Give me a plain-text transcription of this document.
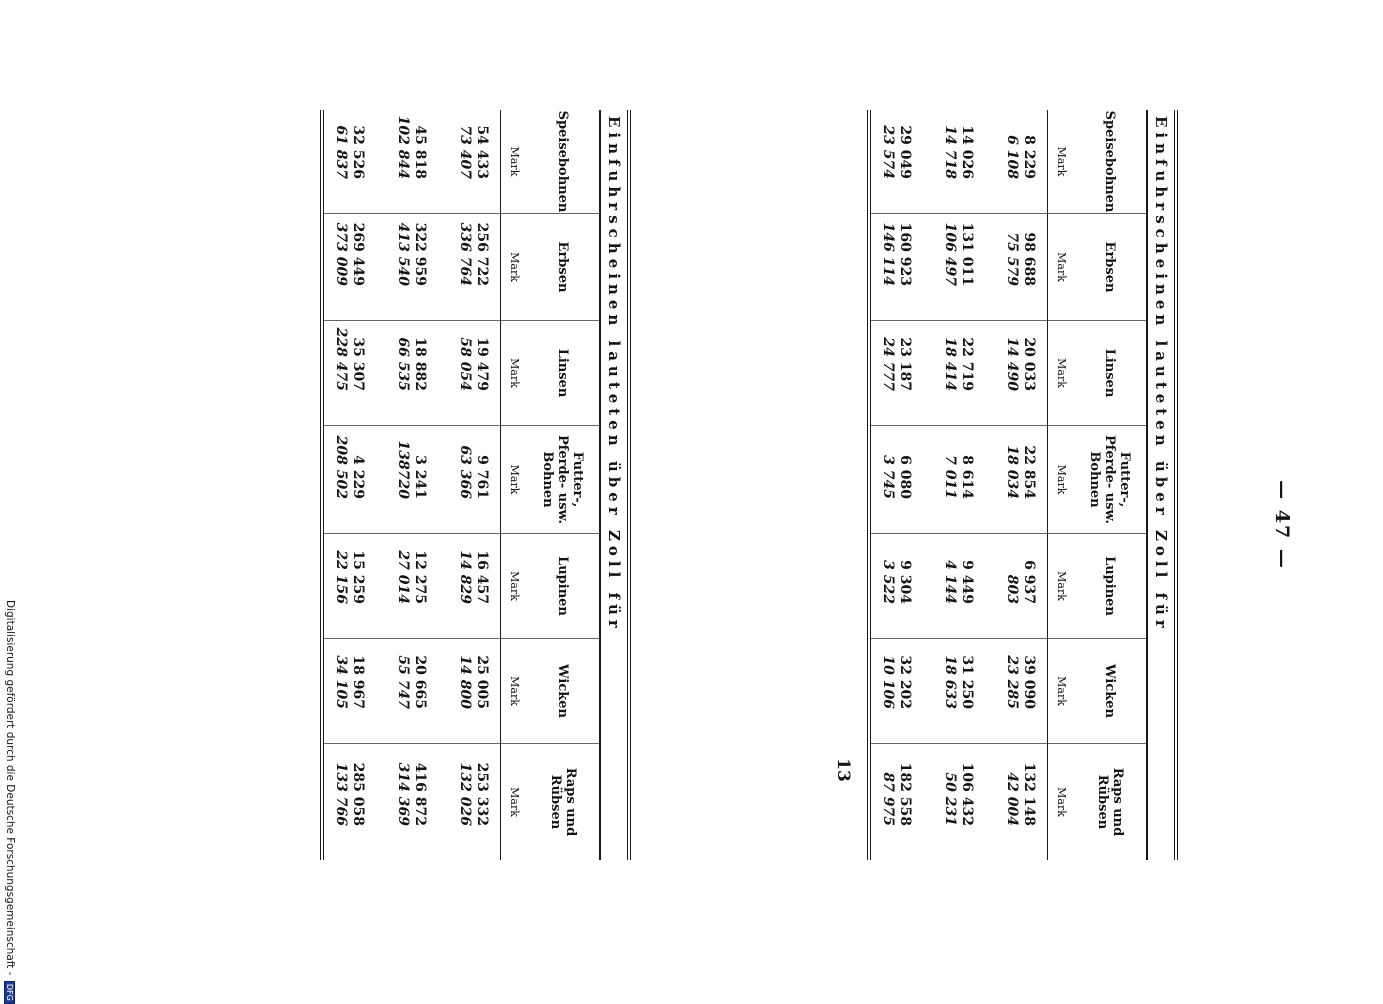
— 47 —
Einfuhrscheinen lauteten über Zoll für
Speisebohnen
Erbsen
Linsen
Futter-, Pferde- usw. Bohnen
Lupinen
Wicken
Raps und Rübsen
Mark
Mark
Mark
Mark
Mark
Mark
Mark
8 229
6 108
14 026
14 718
29 049
23 574
98 688
75 579
131 011
106 497
160 923
146 114
20 033
14 490
22 719
18 414
23 187
24 777
22 854
18 034
8 614
7 011
6 080
3 745
6 937
803
9 449
4 144
9 304
3 522
39 090
23 285
31 250
18 633
32 202
10 106
132 148
42 004
106 432
50 231
182 558
87 975
Einfuhrscheinen lauteten über Zoll für
Speisebohnen
Erbsen
Linsen
Futter-, Pferde- usw. Bohnen
Lupinen
Wicken
Raps und Rübsen
Mark
Mark
Mark
Mark
Mark
Mark
Mark
54 433
73 407
45 818
102 844
32 526
61 837
256 722
336 764
322 959
413 540
269 449
373 009
19 479
58 054
18 882
66 535
35 307
228 475
9 761
63 366
3 241
138720
4 229
208 502
16 457
14 829
12 275
27 014
15 259
22 156
25 005
14 800
20 665
55 747
18 967
34 105
253 332
132 026
416 872
314 369
285 058
133 766	13
Digitalisierung gefördert durch die Deutsche Forschungsgemeinschaft - DFG
